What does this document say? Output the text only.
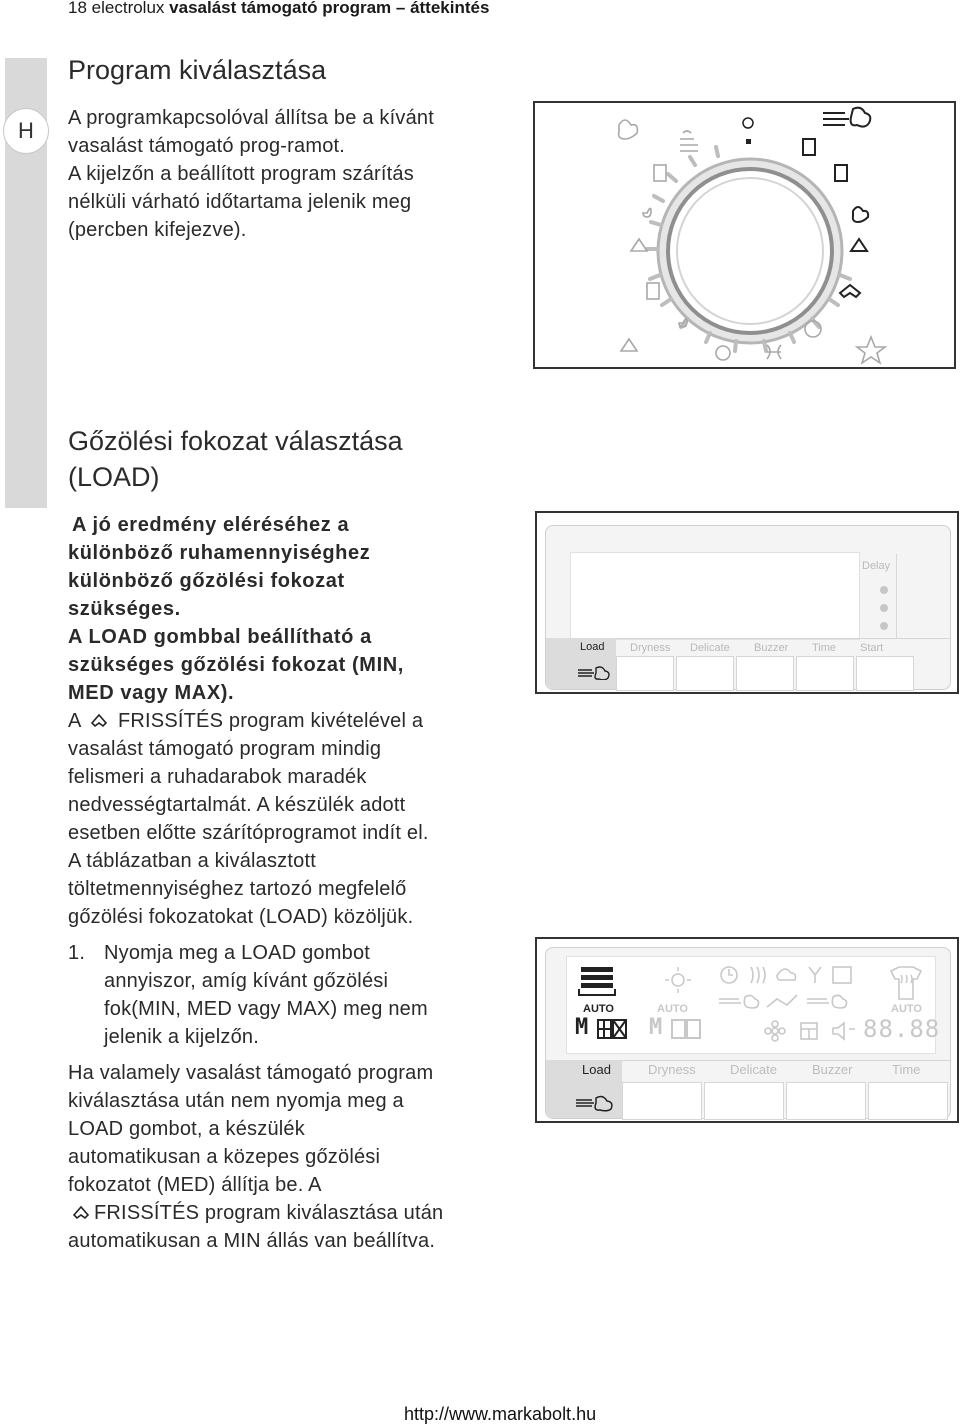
18 electrolux vasalást támogató program – áttekintés
H
Program kiválasztása

A programkapcsolóval állítsa be a kívánt

vasalást támogató prog-ramot.

A kijelzőn a beállított program szárítás

nélküli várható időtartama jelenik meg

(percben kifejezve).

Gőzölési fokozat választása
(LOAD)

A jó eredmény eléréséhez a

különböző ruhamennyiséghez

különböző gőzölési fokozat

szükséges.

A LOAD gombbal beállítható a

szükséges gőzölési fokozat (MIN,

MED vagy MAX).

A FRISSÍTÉS program kivételével a

vasalást támogató program mindig

felismeri a ruhadarabok maradék

nedvességtartalmát. A készülék adott

esetben előtte szárítóprogramot indít el.

A táblázatban a kiválasztott

töltetmennyiséghez tartozó megfelelő

gőzölési fokozatokat (LOAD) közöljük.

1. Nyomja meg a LOAD gombot

annyiszor, amíg kívánt gőzölési

fok(MIN, MED vagy MAX) meg nem

jelenik a kijelzőn.

Ha valamely vasalást támogató program

kiválasztása után nem nyomja meg a

LOAD gombot, a készülék

automatikusan a közepes gőzölési

fokozatot (MED) állítja be. A

FRISSÍTÉS program kiválasztása után

automatikusan a MIN állás van beállítva.

Delay
Load Dryness Delicate Buzzer Time Start
AUTO
M
AUTO
M
AUTO
88.88
Load	Dryness	Delicate	Buzzer	Time
http://www.markabolt.hu
